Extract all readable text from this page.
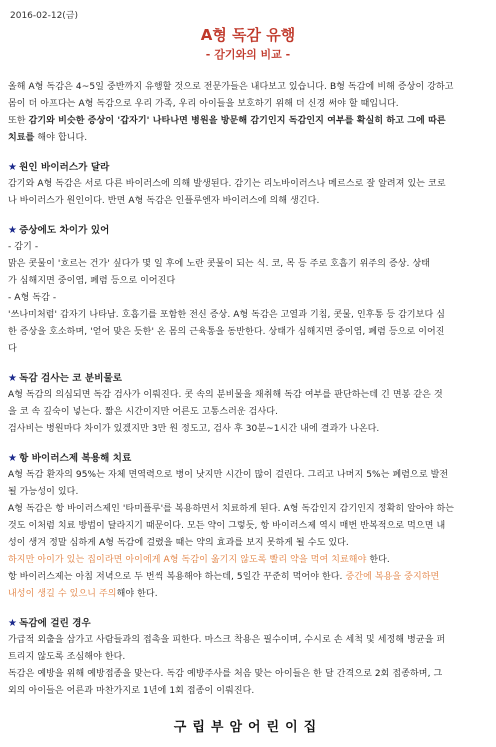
2016-02-12(금)
A형 독감 유행
- 감기와의 비교 -

올해 A형 독감은 4~5일 중반까지 유행할 것으로 전문가들은 내다보고 있습니다. B형 독감에 비해 증상이 강하고

몸이 더 아프다는 A형 독감으로 우리 가족, 우리 아이들을 보호하기 위해 더 신경 써야 할 때입니다.

또한 감기와 비슷한 증상이 '갑자기' 나타나면 병원을 방문해 감기인지 독감인지 여부를 확실히 하고 그에 따른

치료를 해야 합니다.

★ 원인 바이러스가 달라

감기와 A형 독감은 서로 다른 바이러스에 의해 발생된다. 감기는 리노바이러스나 메르스로 잘 알려져 있는 코로

나 바이러스가 원인이다. 반면 A형 독감은 인플루엔자 바이러스에 의해 생긴다.

★ 증상에도 차이가 있어

- 감기 -

맑은 콧물이 '흐르는 건가' 싶다가 몇 일 후에 노란 콧물이 되는 식. 코, 목 등 주로 호흡기 위주의 증상. 상태

가 심해지면 중이염, 폐렴 등으로 이어진다

- A형 독감 -

'쓰나미처럼' 갑자기 나타남. 호흡기를 포함한 전신 증상. A형 독감은 고열과 기침, 콧물, 인후통 등 감기보다 심

한 증상을 호소하며, '얻어 맞은 듯한' 온 몸의 근육통을 동반한다. 상태가 심해지면 중이염, 폐렴 등으로 이어진

다

★ 독감 검사는 코 분비물로

A형 독감의 의심되면 독감 검사가 이뤄진다. 콧 속의 분비물을 채취해 독감 여부를 판단하는데 긴 면봉 같은 것

을 코 속 깊숙이 넣는다. 짧은 시간이지만 어른도 고통스러운 검사다.

검사비는 병원마다 차이가 있겠지만 3만 원 정도고, 검사 후 30분~1시간 내에 결과가 나온다.

★ 항 바이러스제 복용해 치료

A형 독감 환자의 95%는 자체 면역력으로 병이 낫지만 시간이 많이 걸린다. 그리고 나머지 5%는 폐렴으로 발전

될 가능성이 있다.

A형 독감은 항 바이러스제인 '타미플루'를 복용하면서 치료하게 된다. A형 독감인지 감기인지 정확히 알아야 하는

것도 이처럼 치료 방법이 달라지기 때문이다. 모든 약이 그렇듯, 항 바이러스제 역시 매번 반복적으로 먹으면 내

성이 생겨 정말 심하게 A형 독감에 걸렸을 때는 약의 효과를 보지 못하게 될 수도 있다.

하지만 아이가 있는 집이라면 아이에게 A형 독감이 옮기지 않도록 빨리 약을 먹여 치료해야 한다.

항 바이러스제는 아침 저녁으로 두 번씩 복용해야 하는데, 5일간 꾸준히 먹어야 한다. 중간에 복용을 중지하면

내성이 생길 수 있으니 주의해야 한다.

★ 독감에 걸린 경우

가급적 외출을 삼가고 사람들과의 접촉을 피한다. 마스크 착용은 필수이며, 수시로 손 세척 및 세정해 병균을 퍼

트리지 않도록 조심해야 한다.

독감은 예방을 위해 예방접종을 맞는다. 독감 예방주사를 처음 맞는 아이들은 한 달 간격으로 2회 접종하며, 그

외의 아이들은 어른과 마찬가지로 1년에 1회 접종이 이뤄진다.

구립부암어린이집
